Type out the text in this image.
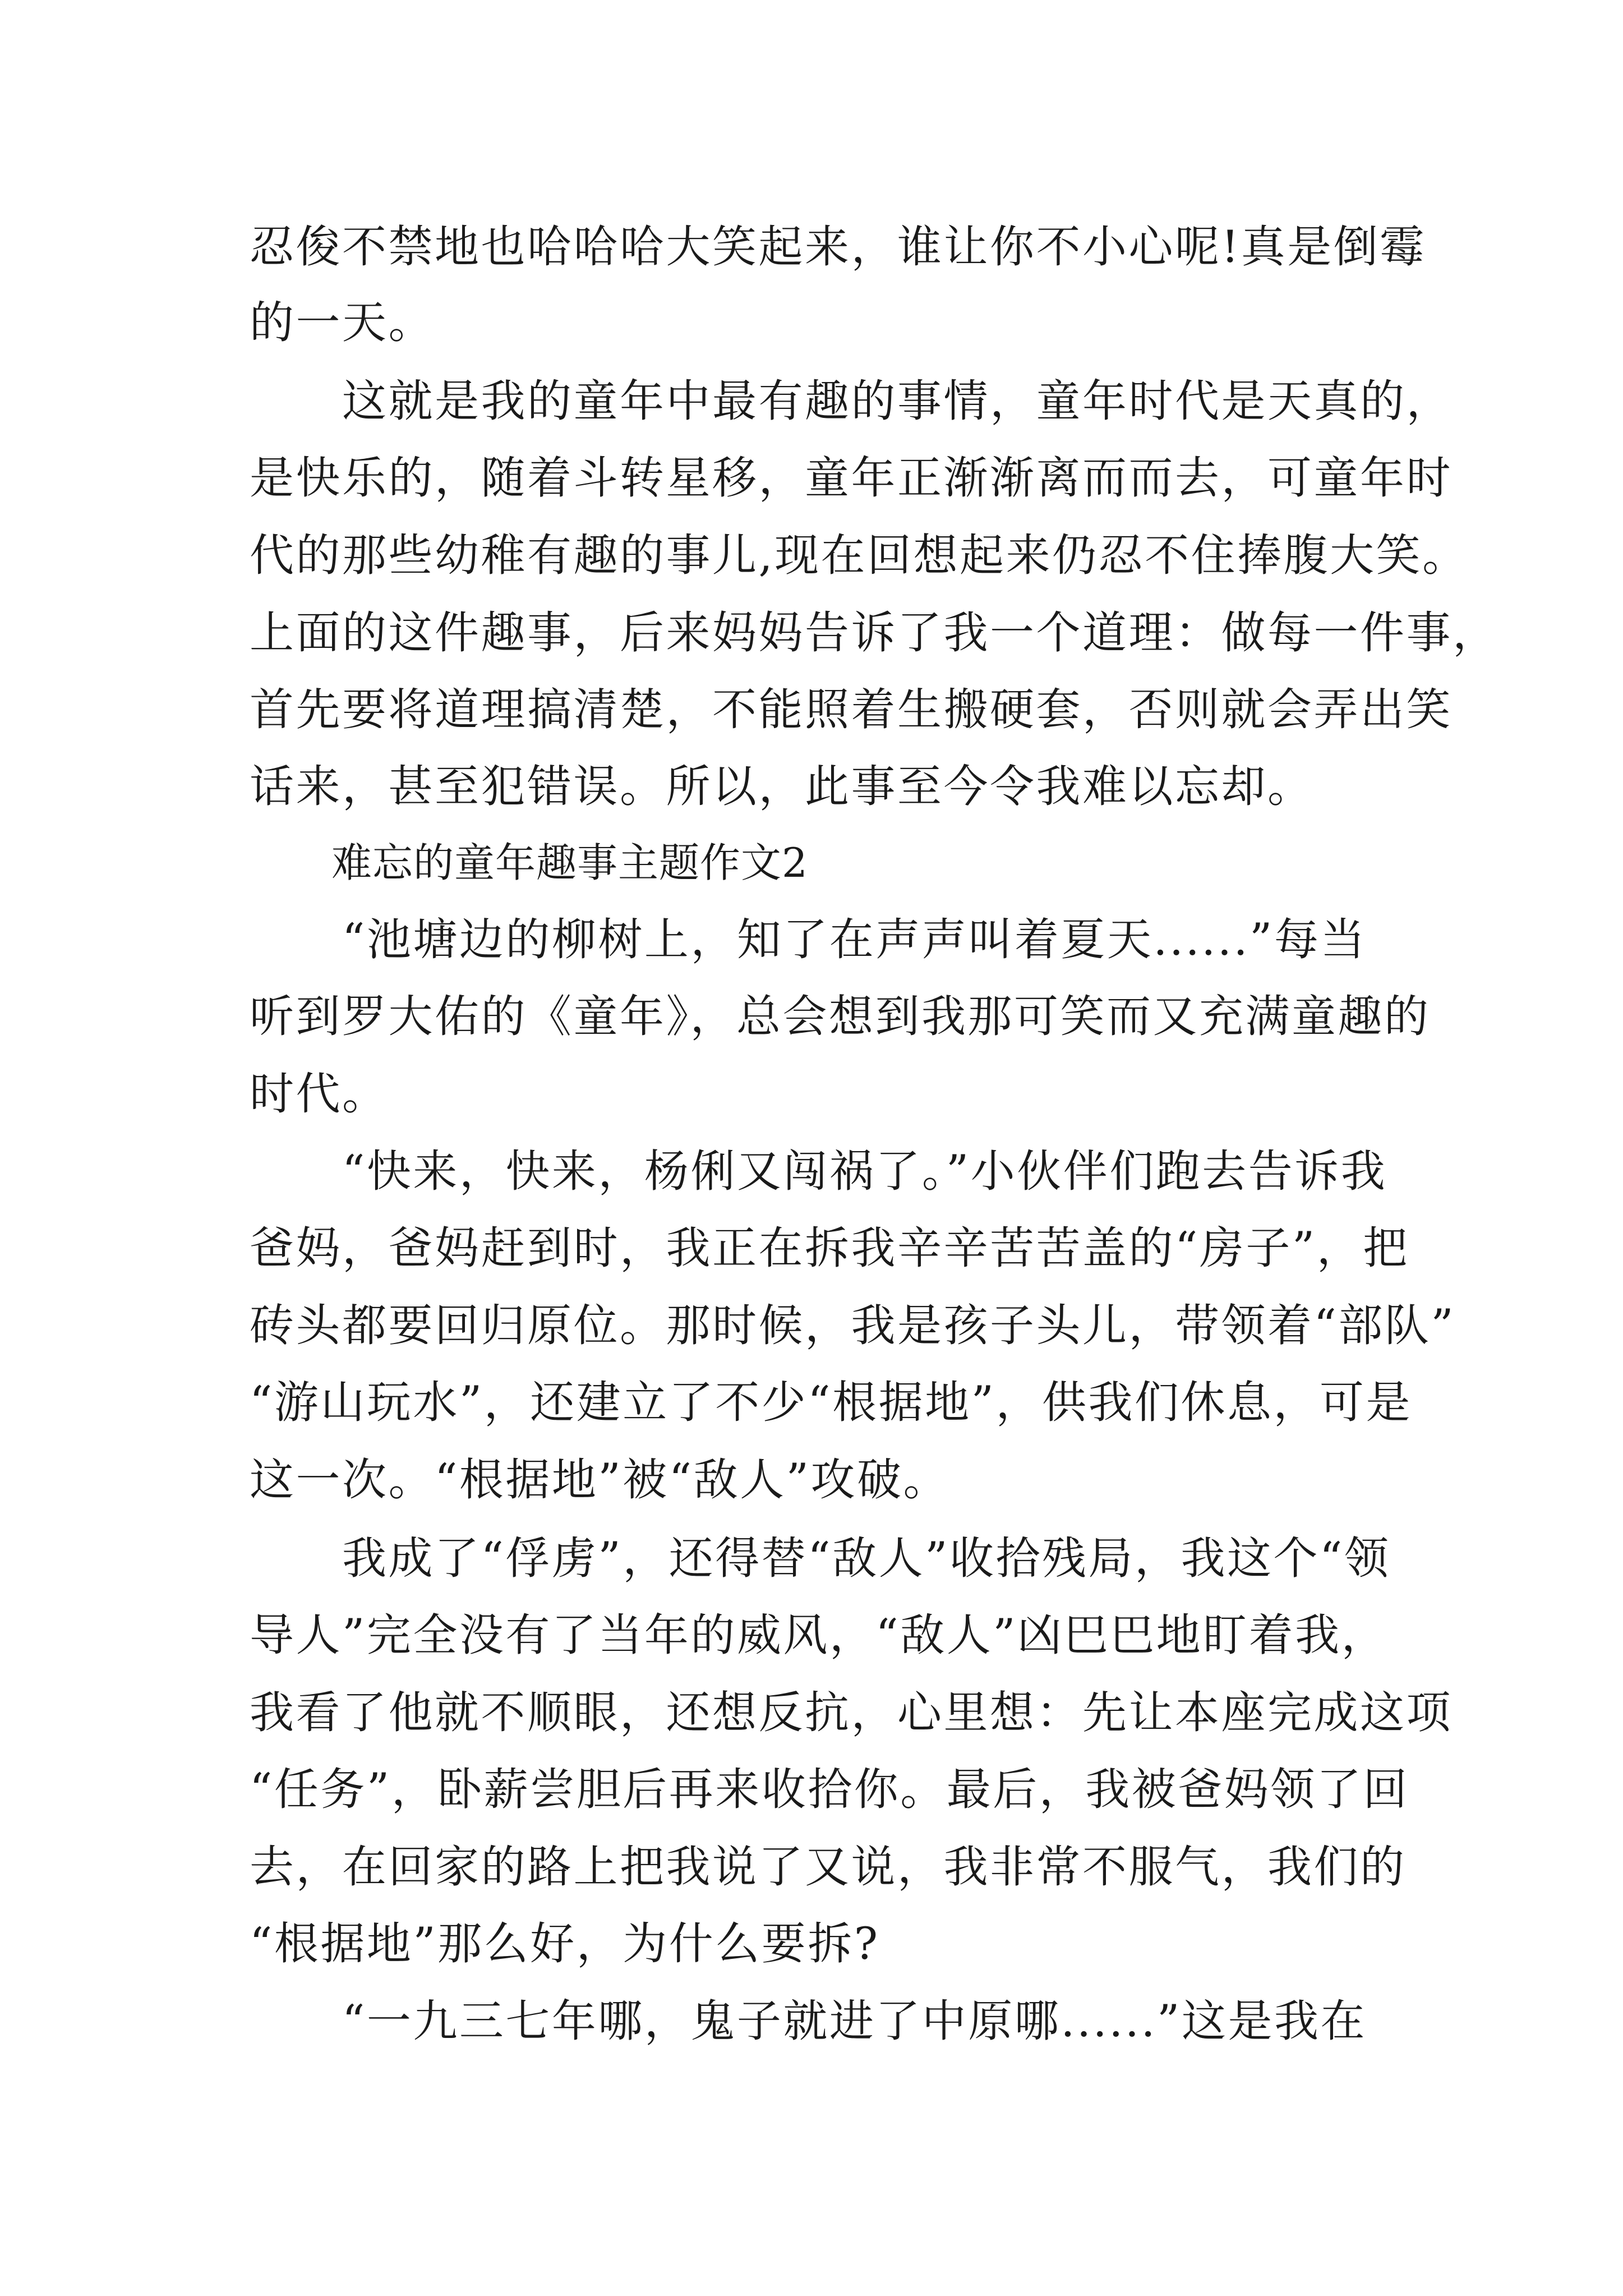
忍俊不禁地也哈哈哈大笑起来，谁让你不小心呢!真是倒霉
的一天。
　　这就是我的童年中最有趣的事情，童年时代是天真的，
是快乐的，随着斗转星移，童年正渐渐离而而去，可童年时
代的那些幼稚有趣的事儿,现在回想起来仍忍不住捧腹大笑。
上面的这件趣事，后来妈妈告诉了我一个道理：做每一件事，
首先要将道理搞清楚，不能照着生搬硬套，否则就会弄出笑
话来，甚至犯错误。所以，此事至今令我难以忘却。
　　难忘的童年趣事主题作文2
　　“池塘边的柳树上，知了在声声叫着夏天......”每当
听到罗大佑的《童年》，总会想到我那可笑而又充满童趣的
时代。
　　“快来，快来，杨俐又闯祸了。”小伙伴们跑去告诉我
爸妈，爸妈赶到时，我正在拆我辛辛苦苦盖的“房子”，把
砖头都要回归原位。那时候，我是孩子头儿，带领着“部队”
“游山玩水”，还建立了不少“根据地”，供我们休息，可是
这一次。“根据地”被“敌人”攻破。
　　我成了“俘虏”，还得替“敌人”收拾残局，我这个“领
导人”完全没有了当年的威风，“敌人”凶巴巴地盯着我，
我看了他就不顺眼，还想反抗，心里想：先让本座完成这项
“任务”，卧薪尝胆后再来收拾你。最后，我被爸妈领了回
去，在回家的路上把我说了又说，我非常不服气，我们的
“根据地”那么好，为什么要拆?
　　“一九三七年哪，鬼子就进了中原哪......”这是我在
